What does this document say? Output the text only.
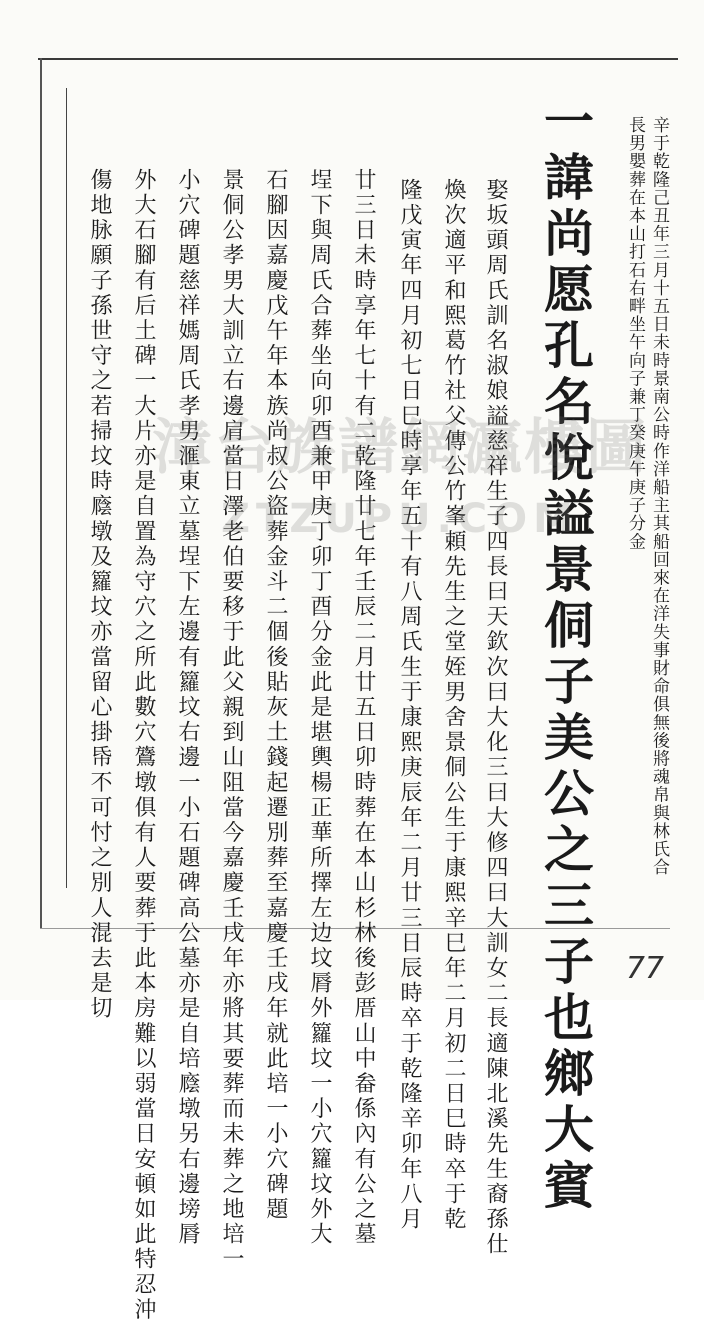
辛于乾隆己丑年三月十五日未時景南公時作洋船主其船回來在洋失事財命俱無後將魂帛與林氏合
長男嬰葬在本山打石右畔坐午向子兼丁癸庚午庚子分金
一諱尚愿孔名悅謚景侗子美公之三子也鄉大賓
娶坂頭周氏訓名淑娘謚慈祥生子四長曰天欽次曰大化三曰大修四曰大訓女二長適陳北溪先生裔孫仕
煥次適平和熙葛竹社父傳公竹峯頼先生之堂姪男舍景侗公生于康熙辛巳年二月初二日巳時卒于乾
隆戊寅年四月初七日巳時享年五十有八周氏生于康熙庚辰年二月廿三日辰時卒于乾隆辛卯年八月
廿三日未時享年七十有二乾隆廿七年壬辰二月廿五日卯時葬在本山杉林後彭厝山中畚係內有公之墓
埕下與周氏合葬坐向卯酉兼甲庚丁卯丁酉分金此是堪輿楊正華所擇左边坟脣外籮坟一小穴籮坟外大
石腳因嘉慶戊午年本族尚叔公盜葬金斗二個後貼灰土錢起遷別葬至嘉慶壬戌年就此培一小穴碑題
景侗公孝男大訓立右邊肩當日澤老伯要移于此父親到山阻當今嘉慶壬戌年亦將其要葬而未葬之地培一
小穴碑題慈祥媽周氏孝男滙東立墓埕下左邊有籮坟右邊一小石題碑高公墓亦是自培廕墩另右邊塝脣
外大石腳有后土碑一大片亦是自置為守穴之所此數穴鷟墩俱有人要葬于此本房難以弱當日安頓如此特忍沖
傷地脉願子孫世守之若掃坟時廕墩及籮坟亦當留心掛帋不可忖之別人混去是切 漳台族譜網瀛樓圖
ZTZUPU.COM
77
